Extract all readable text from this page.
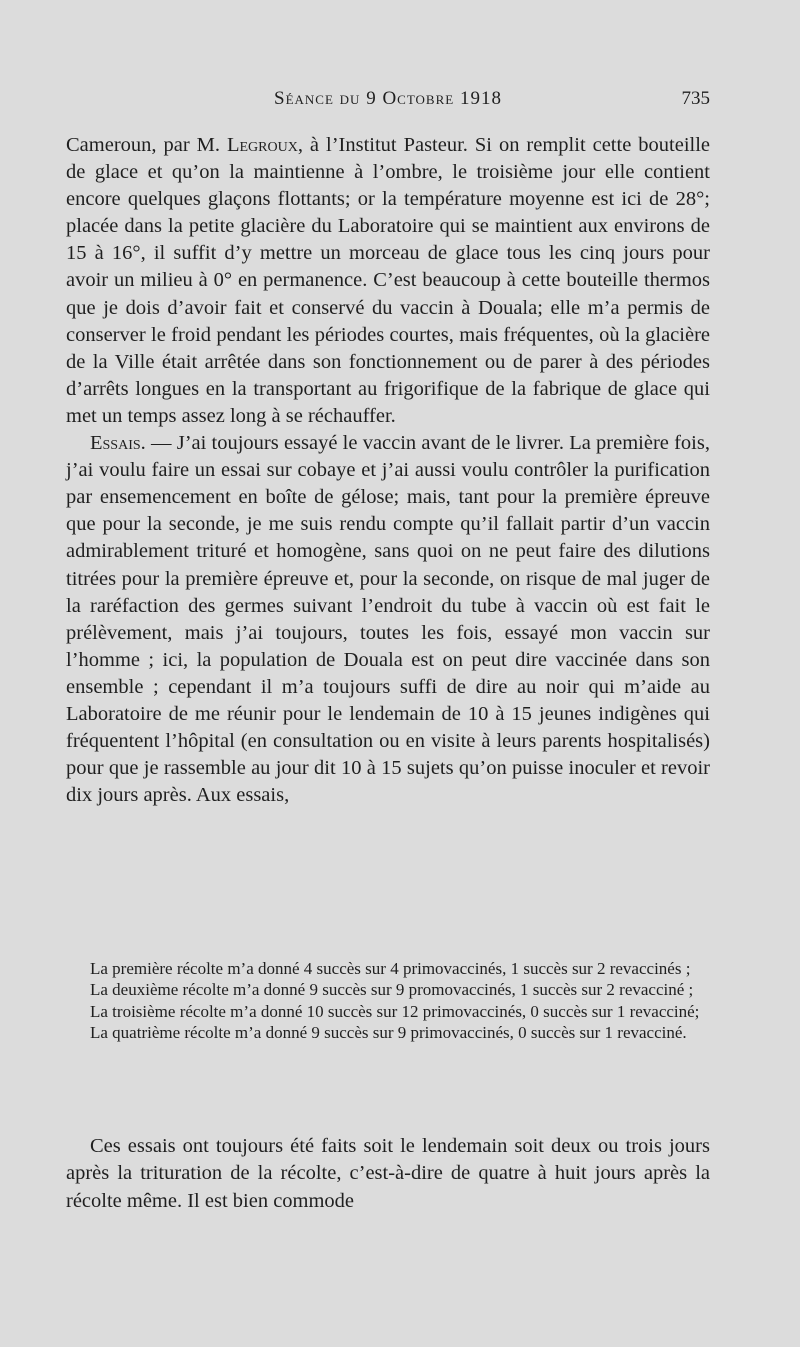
Séance du 9 Octobre 1918	735

Cameroun, par M. Legroux, à l’Institut Pasteur. Si on remplit cette bouteille de glace et qu’on la maintienne à l’ombre, le troisième jour elle contient encore quelques glaçons flottants; or la température moyenne est ici de 28°; placée dans la petite glacière du Laboratoire qui se maintient aux environs de 15 à 16°, il suffit d’y mettre un morceau de glace tous les cinq jours pour avoir un milieu à 0° en permanence. C’est beaucoup à cette bouteille thermos que je dois d’avoir fait et conservé du vaccin à Douala; elle m’a permis de conserver le froid pendant les périodes courtes, mais fréquentes, où la glacière de la Ville était arrêtée dans son fonctionnement ou de parer à des périodes d’arrêts longues en la transportant au frigorifique de la fabrique de glace qui met un temps assez long à se réchauffer.

Essais. — J’ai toujours essayé le vaccin avant de le livrer. La première fois, j’ai voulu faire un essai sur cobaye et j’ai aussi voulu contrôler la purification par ensemencement en boîte de gélose; mais, tant pour la première épreuve que pour la seconde, je me suis rendu compte qu’il fallait partir d’un vaccin admirablement trituré et homogène, sans quoi on ne peut faire des dilutions titrées pour la première épreuve et, pour la seconde, on risque de mal juger de la raréfaction des germes suivant l’endroit du tube à vaccin où est fait le prélèvement, mais j’ai toujours, toutes les fois, essayé mon vaccin sur l’homme ; ici, la population de Douala est on peut dire vaccinée dans son ensemble ; cependant il m’a toujours suffi de dire au noir qui m’aide au Laboratoire de me réunir pour le lendemain de 10 à 15 jeunes indigènes qui fréquentent l’hôpital (en consultation ou en visite à leurs parents hospitalisés) pour que je rassemble au jour dit 10 à 15 sujets qu’on puisse inoculer et revoir dix jours après. Aux essais,

La première récolte m’a donné 4 succès sur 4 primovaccinés, 1 succès sur 2 revaccinés ;

La deuxième récolte m’a donné 9 succès sur 9 promovaccinés, 1 succès sur 2 revacciné ;

La troisième récolte m’a donné 10 succès sur 12 primovaccinés, 0 succès sur 1 revacciné;

La quatrième récolte m’a donné 9 succès sur 9 primovaccinés, 0 succès sur 1 revacciné.

Ces essais ont toujours été faits soit le lendemain soit deux ou trois jours après la trituration de la récolte, c’est-à-dire de quatre à huit jours après la récolte même. Il est bien commode
